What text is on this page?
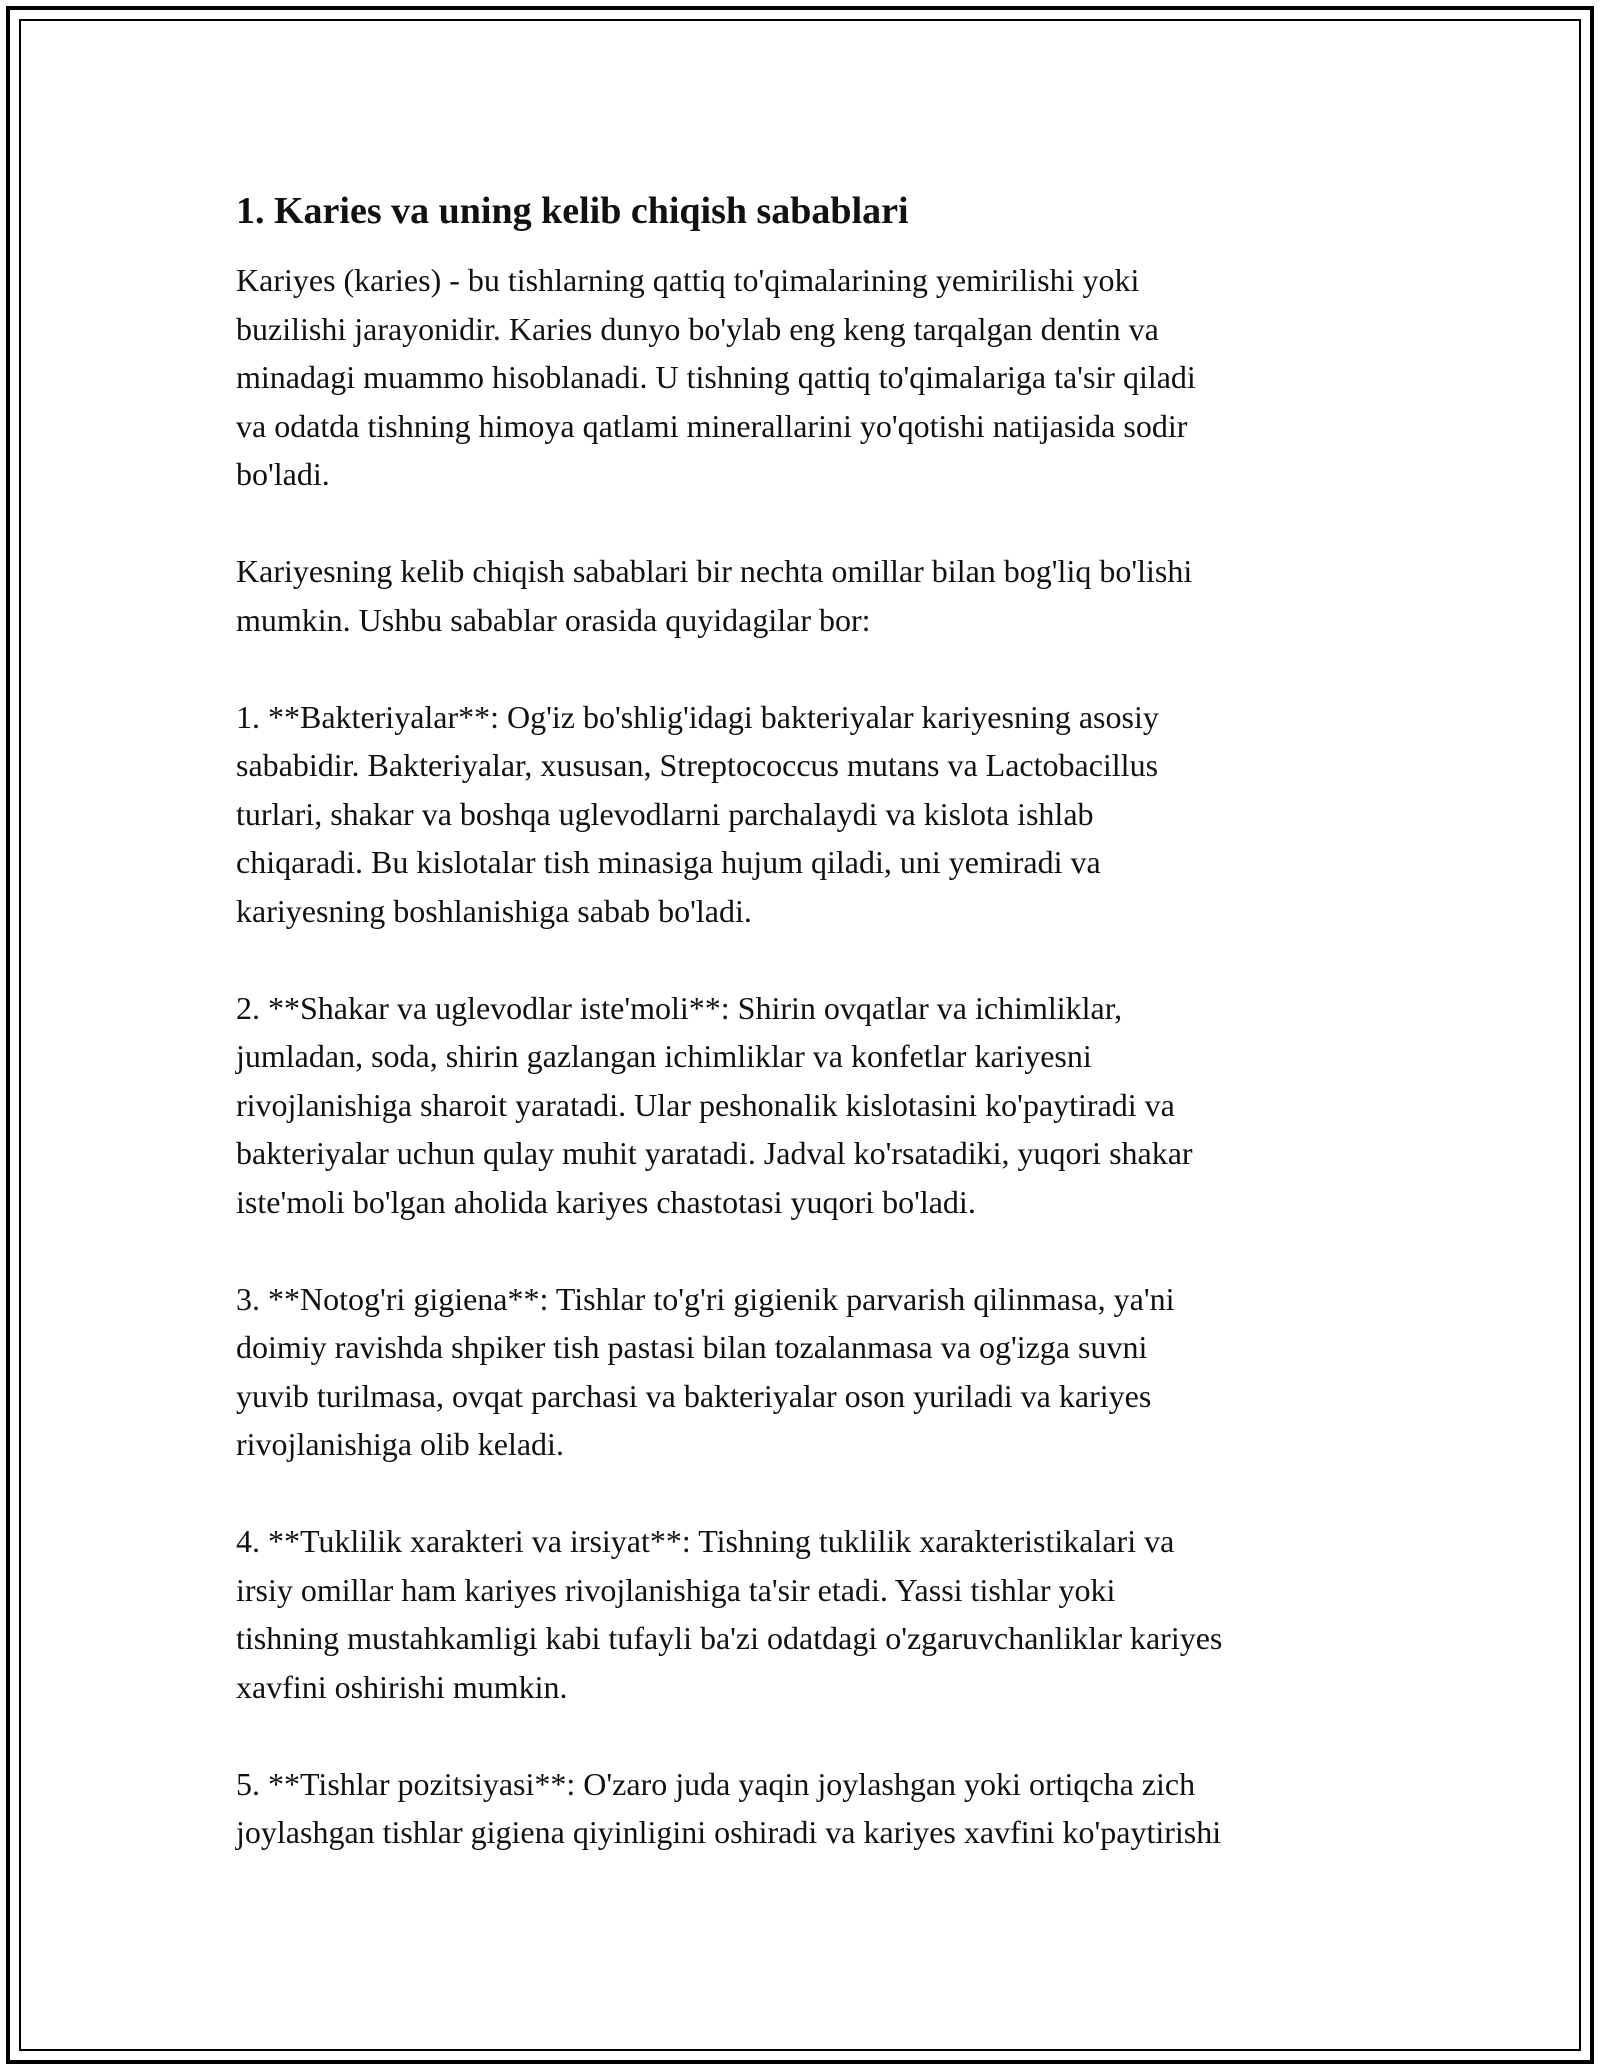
1. Karies va uning kelib chiqish sabablari

Kariyes (karies) - bu tishlarning qattiq to'qimalarining yemirilishi yoki
buzilishi jarayonidir. Karies dunyo bo'ylab eng keng tarqalgan dentin va
minadagi muammo hisoblanadi. U tishning qattiq to'qimalariga ta'sir qiladi
va odatda tishning himoya qatlami minerallarini yo'qotishi natijasida sodir
bo'ladi.

Kariyesning kelib chiqish sabablari bir nechta omillar bilan bog'liq bo'lishi
mumkin. Ushbu sabablar orasida quyidagilar bor:

1. **Bakteriyalar**: Og'iz bo'shlig'idagi bakteriyalar kariyesning asosiy
sababidir. Bakteriyalar, xususan, Streptococcus mutans va Lactobacillus
turlari, shakar va boshqa uglevodlarni parchalaydi va kislota ishlab
chiqaradi. Bu kislotalar tish minasiga hujum qiladi, uni yemiradi va
kariyesning boshlanishiga sabab bo'ladi.

2. **Shakar va uglevodlar iste'moli**: Shirin ovqatlar va ichimliklar,
jumladan, soda, shirin gazlangan ichimliklar va konfetlar kariyesni
rivojlanishiga sharoit yaratadi. Ular peshonalik kislotasini ko'paytiradi va
bakteriyalar uchun qulay muhit yaratadi. Jadval ko'rsatadiki, yuqori shakar
iste'moli bo'lgan aholida kariyes chastotasi yuqori bo'ladi.

3. **Notog'ri gigiena**: Tishlar to'g'ri gigienik parvarish qilinmasa, ya'ni
doimiy ravishda shpiker tish pastasi bilan tozalanmasa va og'izga suvni
yuvib turilmasa, ovqat parchasi va bakteriyalar oson yuriladi va kariyes
rivojlanishiga olib keladi.

4. **Tuklilik xarakteri va irsiyat**: Tishning tuklilik xarakteristikalari va
irsiy omillar ham kariyes rivojlanishiga ta'sir etadi. Yassi tishlar yoki
tishning mustahkamligi kabi tufayli ba'zi odatdagi o'zgaruvchanliklar kariyes
xavfini oshirishi mumkin.

5. **Tishlar pozitsiyasi**: O'zaro juda yaqin joylashgan yoki ortiqcha zich
joylashgan tishlar gigiena qiyinligini oshiradi va kariyes xavfini ko'paytirishi
